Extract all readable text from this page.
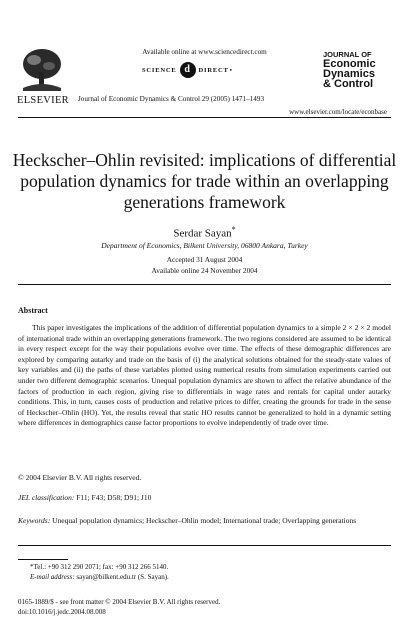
ELSEVIER
Available online at www.sciencedirect.com
SCIENCE d	DIRECT •
Journal of Economic Dynamics & Control 29 (2005) 1471–1493
JOURNAL OF
Economic
Dynamics
& Control
www.elsevier.com/locate/econbase
Heckscher–Ohlin revisited: implications of differential population dynamics for trade within an overlapping generations framework
Serdar Sayan*
Department of Economics, Bilkent University, 06800 Ankara, Turkey
Accepted 31 August 2004
Available online 24 November 2004
Abstract

This paper investigates the implications of the addition of differential population dynamics to a simple 2 × 2 × 2 model of international trade within an overlapping generations framework. The two regions considered are assumed to be identical in every respect except for the way their populations evolve over time. The effects of these demographic differences are explored by comparing autarky and trade on the basis of (i) the analytical solutions obtained for the steady-state values of key variables and (ii) the paths of these variables plotted using numerical results from simulation experiments carried out under two different demographic scenarios. Unequal population dynamics are shown to affect the relative abundance of the factors of production in each region, giving rise to differentials in wage rates and rentals for capital under autarky conditions. This, in turn, causes costs of production and relative prices to differ, creating the grounds for trade in the sense of Heckscher–Ohlin (HO). Yet, the results reveal that static HO results cannot be generalized to hold in a dynamic setting where differences in demographics cause factor proportions to evolve independently of trade over time.

© 2004 Elsevier B.V. All rights reserved.
JEL classification: F11; F43; D58; D91; J10
Keywords: Unequal population dynamics; Heckscher–Ohlin model; International trade; Overlapping generations
*Tel.: +90 312 290 2071; fax: +90 312 266 5140.
E-mail address: sayan@bilkent.edu.tr (S. Sayan).
0165-1889/$ - see front matter © 2004 Elsevier B.V. All rights reserved.
doi:10.1016/j.jedc.2004.08.008
